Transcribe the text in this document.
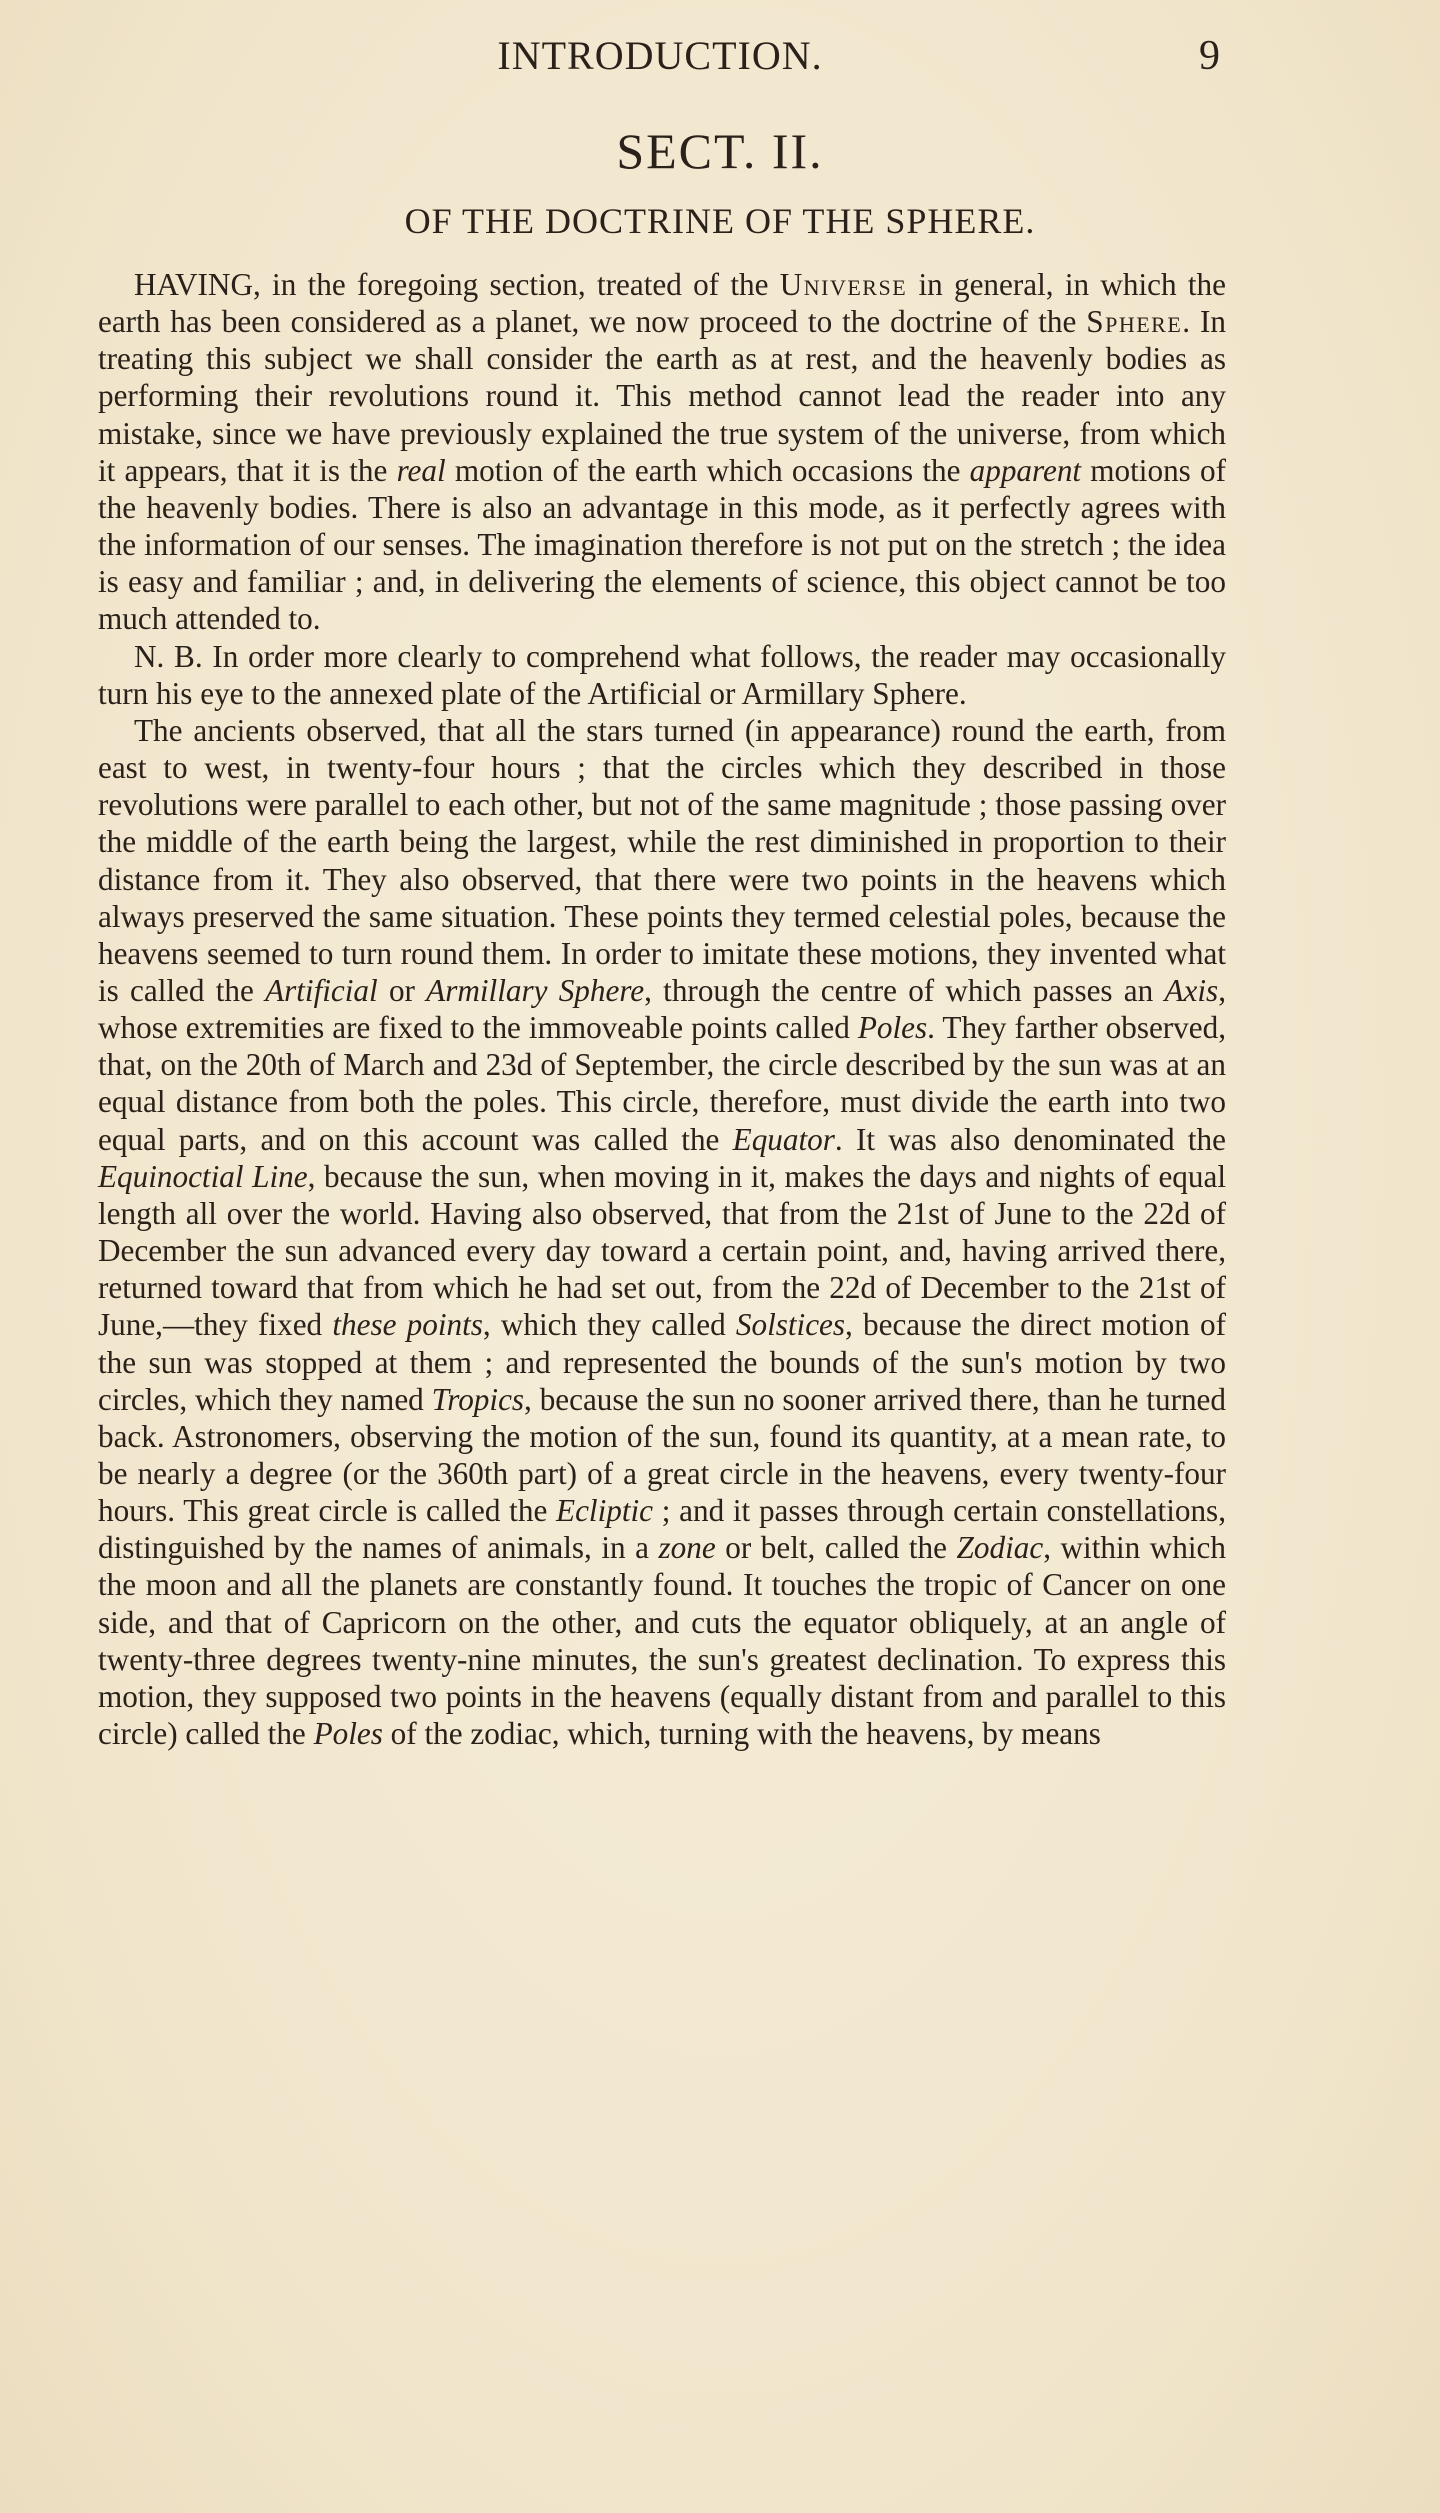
INTRODUCTION.	9
SECT. II.
OF THE DOCTRINE OF THE SPHERE.

HAVING, in the foregoing section, treated of the Universe in general, in which the earth has been considered as a planet, we now proceed to the doctrine of the Sphere. In treating this subject we shall consider the earth as at rest, and the heavenly bodies as performing their revolutions round it. This method cannot lead the reader into any mistake, since we have previously explained the true system of the universe, from which it appears, that it is the real motion of the earth which occasions the apparent motions of the heavenly bodies. There is also an advantage in this mode, as it perfectly agrees with the information of our senses. The imagination therefore is not put on the stretch ; the idea is easy and familiar ; and, in delivering the elements of science, this object cannot be too much attended to.

N. B. In order more clearly to comprehend what follows, the reader may occasionally turn his eye to the annexed plate of the Artificial or Armillary Sphere.

The ancients observed, that all the stars turned (in appearance) round the earth, from east to west, in twenty-four hours ; that the circles which they described in those revolutions were parallel to each other, but not of the same magnitude ; those passing over the middle of the earth being the largest, while the rest diminished in proportion to their distance from it. They also observed, that there were two points in the heavens which always preserved the same situation. These points they termed celestial poles, because the heavens seemed to turn round them. In order to imitate these motions, they invented what is called the Artificial or Armillary Sphere, through the centre of which passes an Axis, whose extremities are fixed to the immoveable points called Poles. They farther observed, that, on the 20th of March and 23d of September, the circle described by the sun was at an equal distance from both the poles. This circle, therefore, must divide the earth into two equal parts, and on this account was called the Equator. It was also denominated the Equinoctial Line, because the sun, when moving in it, makes the days and nights of equal length all over the world. Having also observed, that from the 21st of June to the 22d of December the sun advanced every day toward a certain point, and, having arrived there, returned toward that from which he had set out, from the 22d of December to the 21st of June,—they fixed these points, which they called Solstices, because the direct motion of the sun was stopped at them ; and represented the bounds of the sun's motion by two circles, which they named Tropics, because the sun no sooner arrived there, than he turned back. Astronomers, observing the motion of the sun, found its quantity, at a mean rate, to be nearly a degree (or the 360th part) of a great circle in the heavens, every twenty-four hours. This great circle is called the Ecliptic ; and it passes through certain constellations, distinguished by the names of animals, in a zone or belt, called the Zodiac, within which the moon and all the planets are constantly found. It touches the tropic of Cancer on one side, and that of Capricorn on the other, and cuts the equator obliquely, at an angle of twenty-three degrees twenty-nine minutes, the sun's greatest declination. To express this motion, they supposed two points in the heavens (equally distant from and parallel to this circle) called the Poles of the zodiac, which, turning with the heavens, by means
